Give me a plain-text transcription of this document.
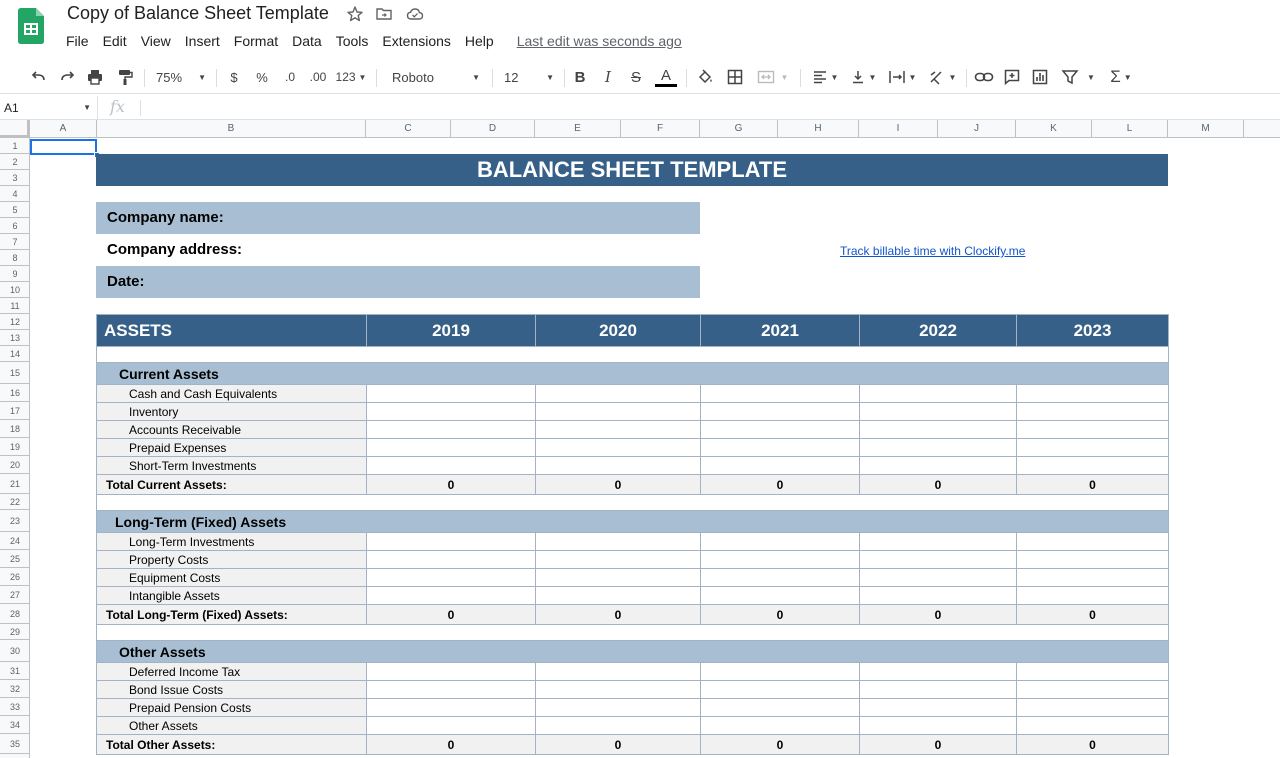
Copy of Balance Sheet Template
File	Edit	View	Insert	Format	Data	Tools	Extensions	Help	Last edit was seconds ago
75% ▼	$	%	.0	.00 123 ▼ Roboto	▼ 12	▼	B	I	S	A	▼	▼	▼	▼	▼	▼ Σ ▼
A1	▼ fx
A	B	C	D	E	F	G	H	I	J	K	L	M
1
2
3
4
5
6
7
8
9
10
11
12
13
14
15
16
17
18
19
20
21
22
23
24
25
26
27
28
29
30
31
32
33
34
35
BALANCE SHEET TEMPLATE
Company name:
Company address:
Date:
Track billable time with Clockify.me
ASSETS	2019	2020	2021	2022	2023

Current Assets					
Cash and Cash Equivalents					
Inventory					
Accounts Receivable					
Prepaid Expenses					
Short-Term Investments					
Total Current Assets:	0	0	0	0	0

Long-Term (Fixed) Assets					
Long-Term Investments					
Property Costs					
Equipment Costs					
Intangible Assets					
Total Long-Term (Fixed) Assets:	0	0	0	0	0

Other Assets					
Deferred Income Tax					
Bond Issue Costs					
Prepaid Pension Costs					
Other Assets					
Total Other Assets:	0	0	0	0	0
